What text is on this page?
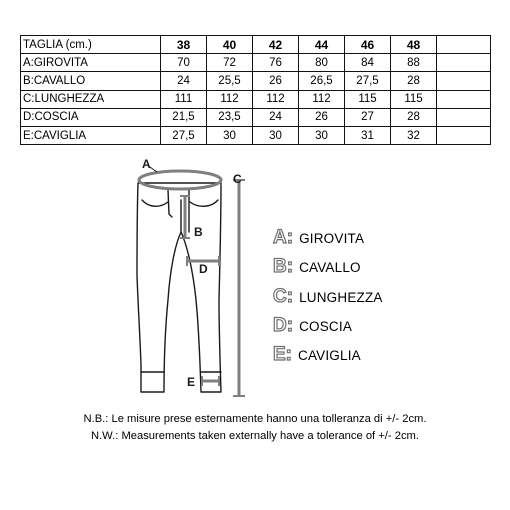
TAGLIA (cm.)	38	40	42	44	46	48	
A:GIROVITA	70	72	76	80	84	88	
B:CAVALLO	24	25,5	26	26,5	27,5	28	
C:LUNGHEZZA	111	112	112	112	115	115	
D:COSCIA	21,5	23,5	24	26	27	28	
E:CAVIGLIA	27,5	30	30	30	31	32	
A
B
C
D
E
A: GIROVITA
B: CAVALLO
C: LUNGHEZZA
D: COSCIA
E: CAVIGLIA
N.B.: Le misure prese esternamente hanno una tolleranza di +/- 2cm.
N.W.: Measurements taken externally have a tolerance of +/- 2cm.
